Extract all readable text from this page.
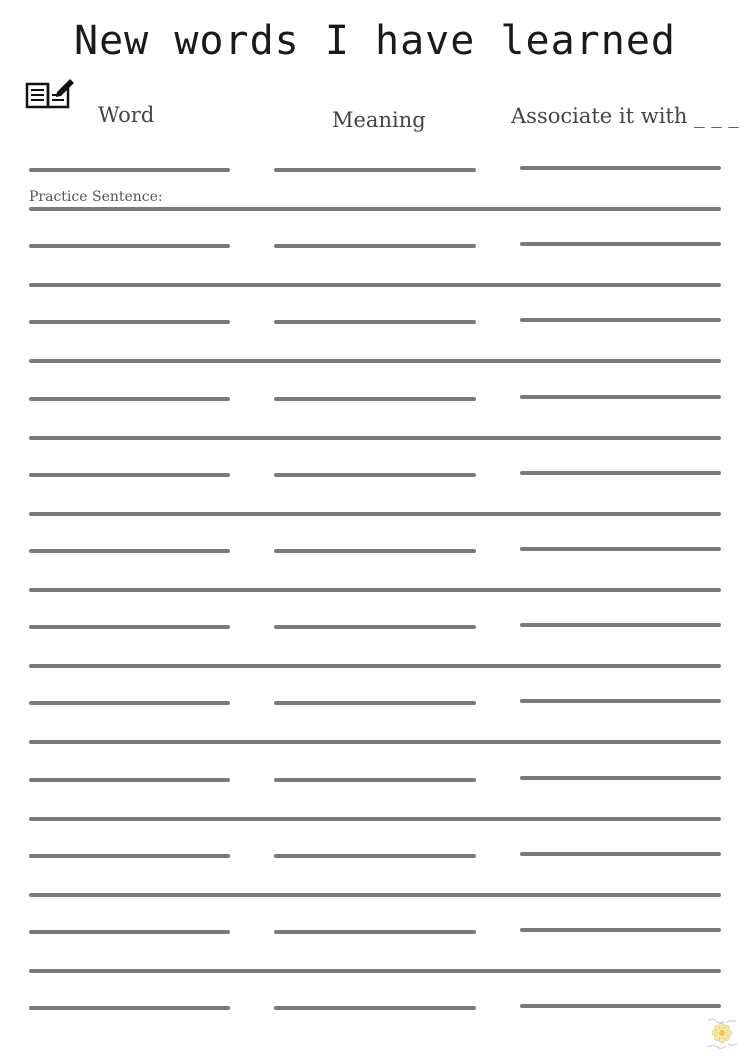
New words I have learned
Word	Meaning	Associate it with _ _ _
Practice Sentence:
